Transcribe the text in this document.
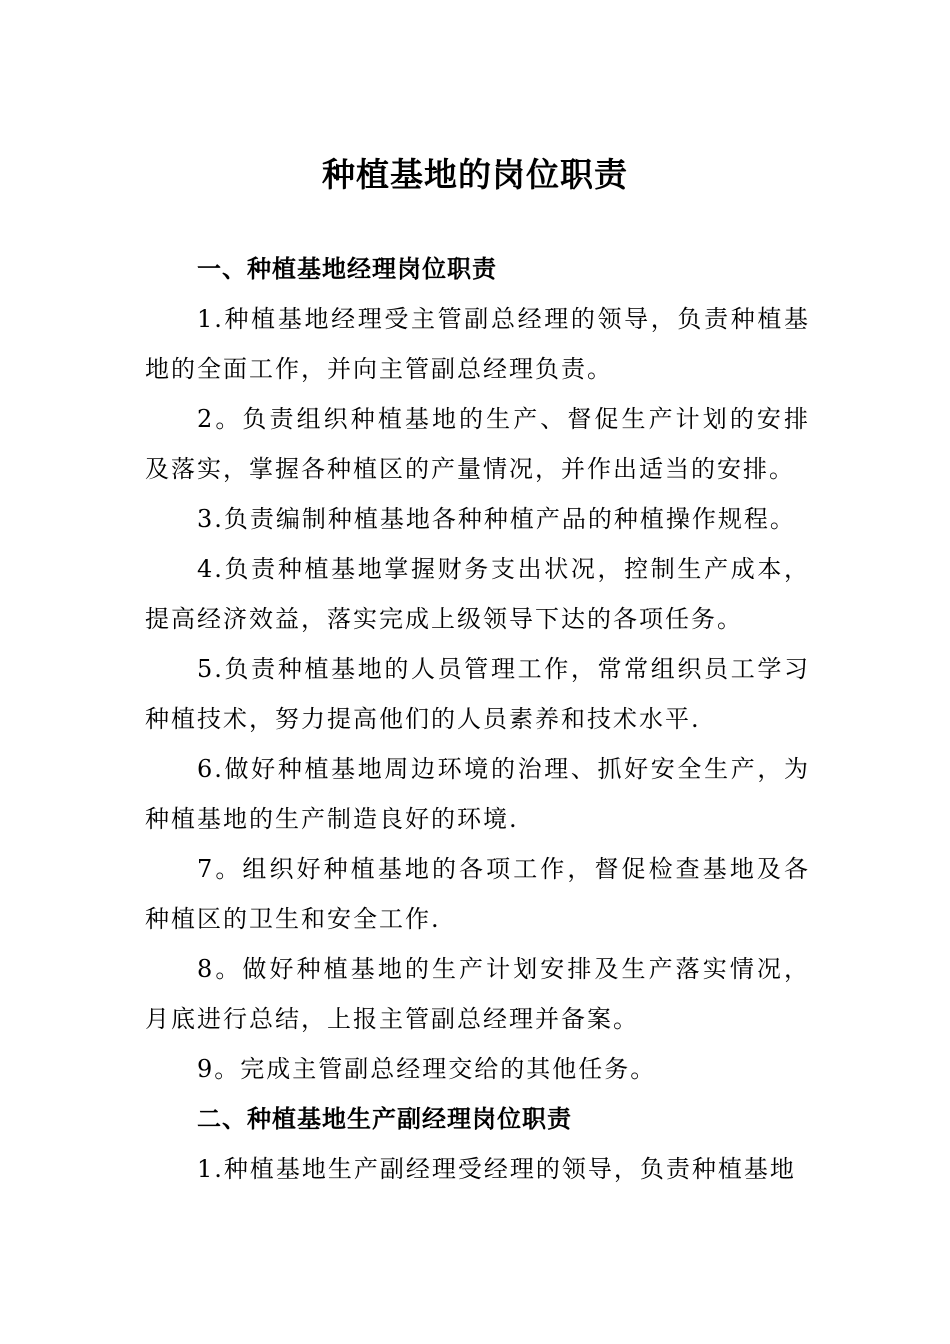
种植基地的岗位职责

一、种植基地经理岗位职责

1.种植基地经理受主管副总经理的领导，负责种植基地的全面工作，并向主管副总经理负责。

2。负责组织种植基地的生产、督促生产计划的安排及落实，掌握各种植区的产量情况，并作出适当的安排。

3.负责编制种植基地各种种植产品的种植操作规程。

4.负责种植基地掌握财务支出状况，控制生产成本，提高经济效益，落实完成上级领导下达的各项任务。

5.负责种植基地的人员管理工作，常常组织员工学习种植技术，努力提高他们的人员素养和技术水平.

6.做好种植基地周边环境的治理、抓好安全生产，为种植基地的生产制造良好的环境.

7。组织好种植基地的各项工作，督促检查基地及各种植区的卫生和安全工作.

8。做好种植基地的生产计划安排及生产落实情况，月底进行总结，上报主管副总经理并备案。

9。完成主管副总经理交给的其他任务。

二、种植基地生产副经理岗位职责

1.种植基地生产副经理受经理的领导，负责种植基地
